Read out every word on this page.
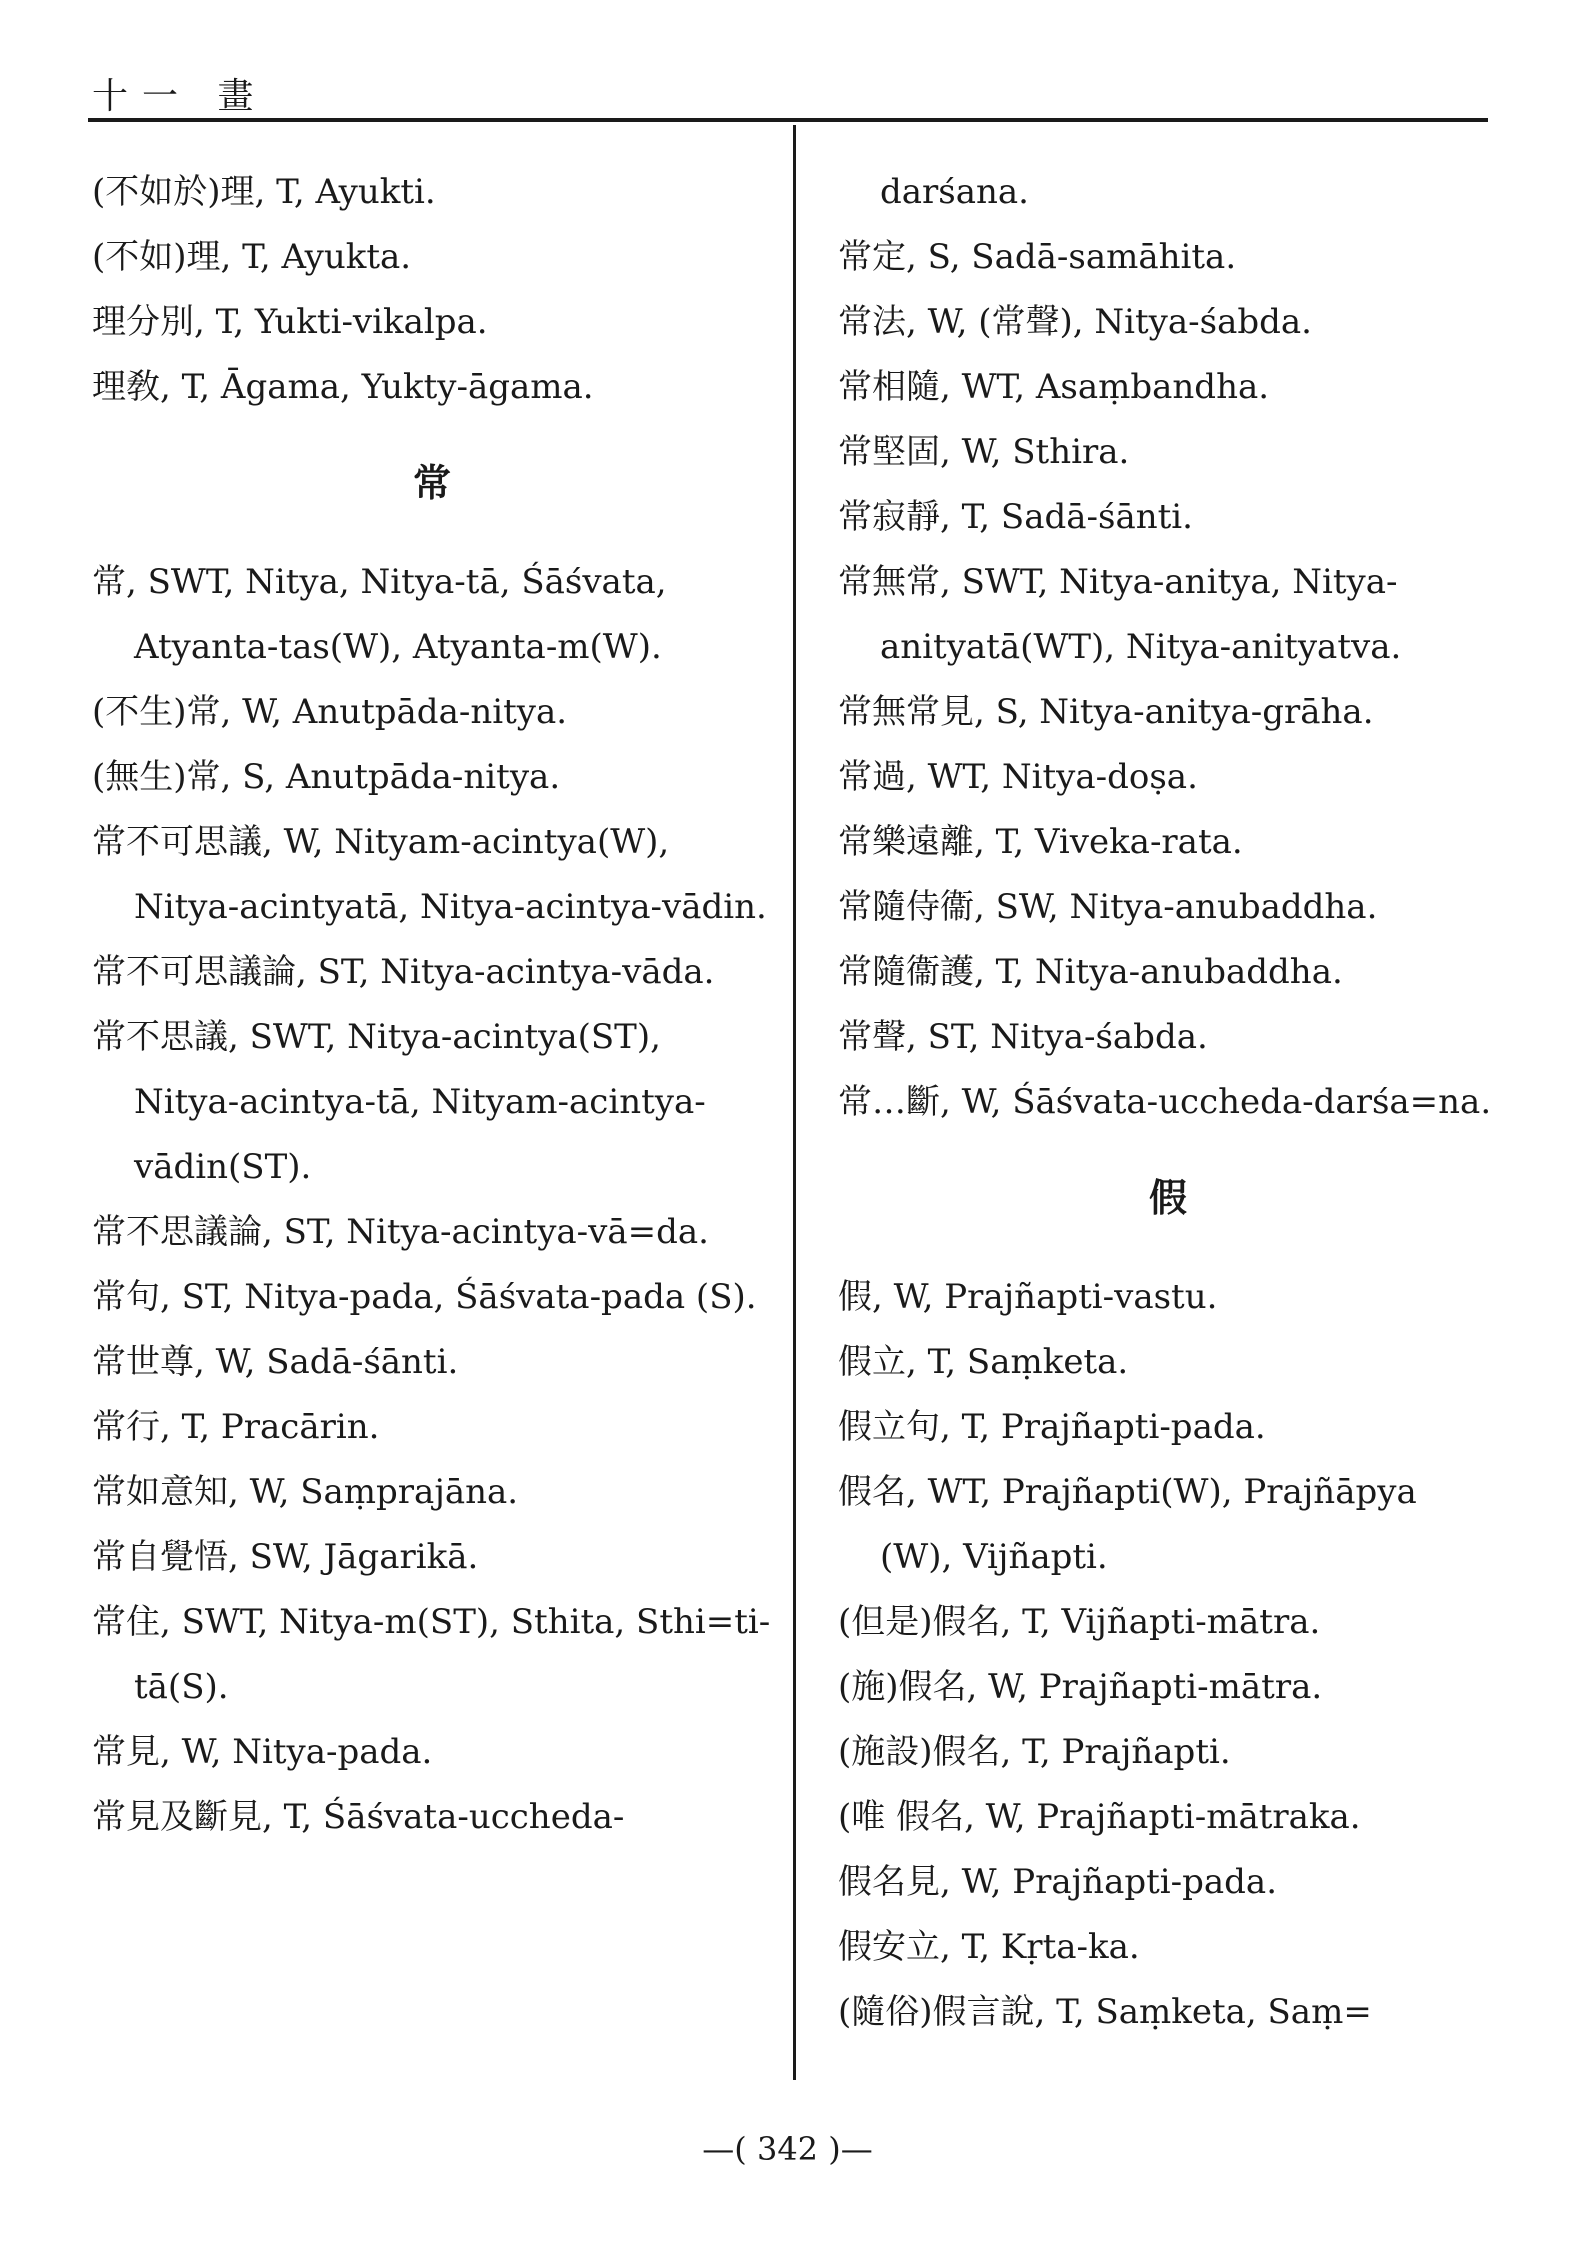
十一 畫

(不如於)理, T, Ayukti.

(不如)理, T, Ayukta.

理分別, T, Yukti-vikalpa.

理敎, T, Āgama, Yukty-āgama.

常

常, SWT, Nitya, Nitya-tā, Śāśvata, Atyanta-tas(W), Atyanta-m(W).

(不生)常, W, Anutpāda-nitya.

(無生)常, S, Anutpāda-nitya.

常不可思議, W, Nityam-acintya(W), Nitya-acintyatā, Nitya-acintya-vādin.

常不可思議論, ST, Nitya-acintya-vāda.

常不思議, SWT, Nitya-acintya(ST), Nitya-acintya-tā, Nityam-acintya-vādin(ST).

常不思議論, ST, Nitya-acintya-vā=da.

常句, ST, Nitya-pada, Śāśvata-pada (S).

常世尊, W, Sadā-śānti.

常行, T, Pracārin.

常如意知, W, Saṃprajāna.

常自覺悟, SW, Jāgarikā.

常住, SWT, Nitya-m(ST), Sthita, Sthi=ti-tā(S).

常見, W, Nitya-pada.

常見及斷見, T, Śāśvata-uccheda-

darśana.

常定, S, Sadā-samāhita.

常法, W, (常聲), Nitya-śabda.

常相隨, WT, Asaṃbandha.

常堅固, W, Sthira.

常寂靜, T, Sadā-śānti.

常無常, SWT, Nitya-anitya, Nitya-anityatā(WT), Nitya-anityatva.

常無常見, S, Nitya-anitya-grāha.

常過, WT, Nitya-doṣa.

常樂遠離, T, Viveka-rata.

常隨侍衞, SW, Nitya-anubaddha.

常隨衞護, T, Nitya-anubaddha.

常聲, ST, Nitya-śabda.

常…斷, W, Śāśvata-uccheda-darśa=na.

假

假, W, Prajñapti-vastu.

假立, T, Saṃketa.

假立句, T, Prajñapti-pada.

假名, WT, Prajñapti(W), Prajñāpya (W), Vijñapti.

(但是)假名, T, Vijñapti-mātra.

(施)假名, W, Prajñapti-mātra.

(施設)假名, T, Prajñapti.

(唯 假名, W, Prajñapti-mātraka.

假名見, W, Prajñapti-pada.

假安立, T, Kṛta-ka.

(隨俗)假言說, T, Saṃketa, Saṃ=

—( 342 )—
